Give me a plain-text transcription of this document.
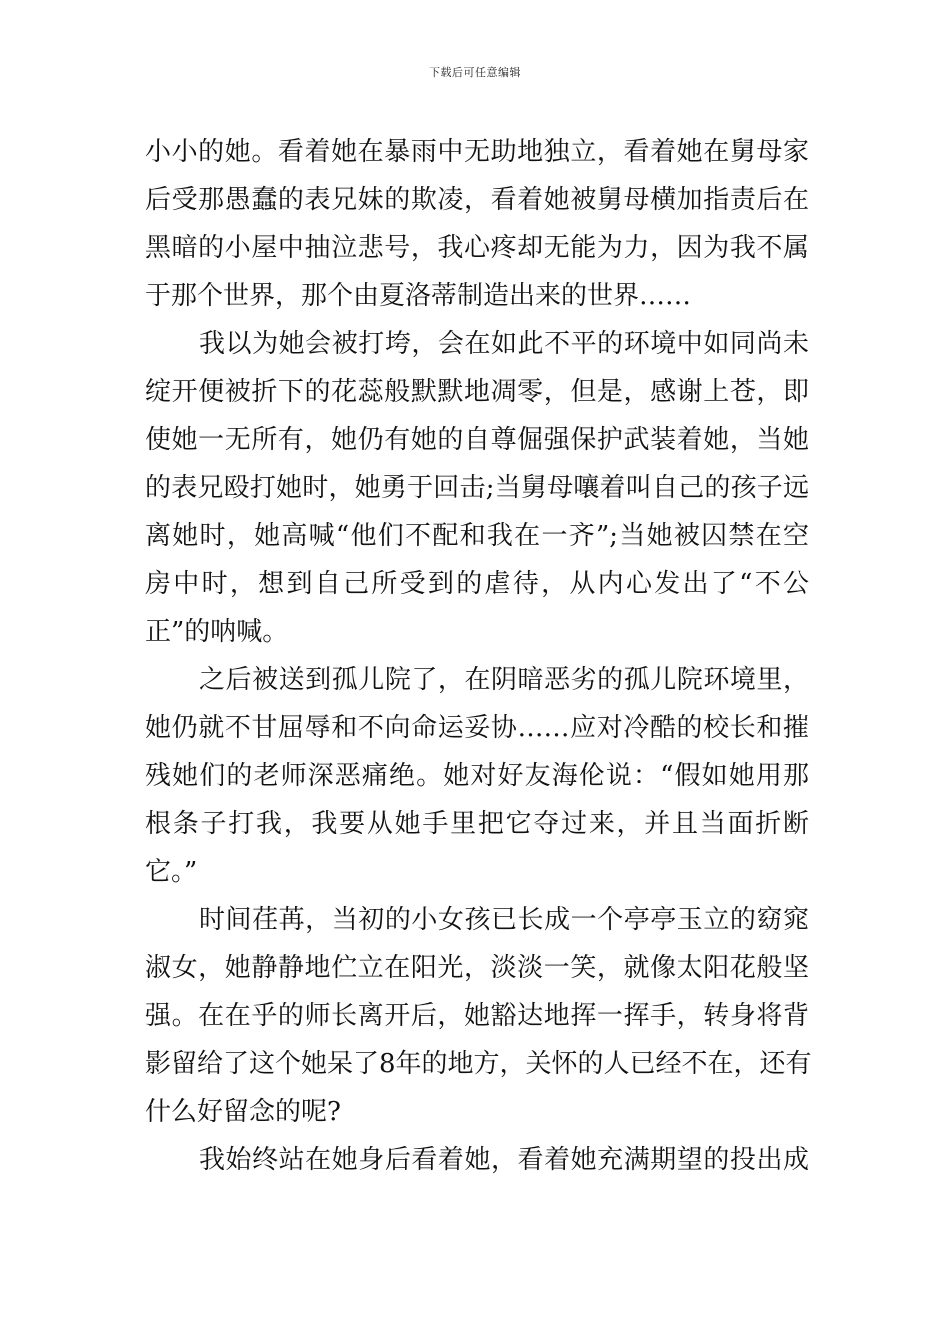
下载后可任意编辑
小小的她。看着她在暴雨中无助地独立，看着她在舅母家
后受那愚蠢的表兄妹的欺凌，看着她被舅母横加指责后在
黑暗的小屋中抽泣悲号，我心疼却无能为力，因为我不属
于那个世界，那个由夏洛蒂制造出来的世界……
我以为她会被打垮，会在如此不平的环境中如同尚未
绽开便被折下的花蕊般默默地凋零，但是，感谢上苍，即
使她一无所有，她仍有她的自尊倔强保护武装着她，当她
的表兄殴打她时，她勇于回击;当舅母嚷着叫自己的孩子远
离她时，她高喊“他们不配和我在一齐”;当她被囚禁在空
房中时，想到自己所受到的虐待，从内心发出了“不公
正”的呐喊。
之后被送到孤儿院了，在阴暗恶劣的孤儿院环境里，
她仍就不甘屈辱和不向命运妥协……应对冷酷的校长和摧
残她们的老师深恶痛绝。她对好友海伦说：“假如她用那
根条子打我，我要从她手里把它夺过来，并且当面折断
它。”
时间荏苒，当初的小女孩已长成一个亭亭玉立的窈窕
淑女，她静静地伫立在阳光，淡淡一笑，就像太阳花般坚
强。在在乎的师长离开后，她豁达地挥一挥手，转身将背
影留给了这个她呆了8年的地方，关怀的人已经不在，还有
什么好留念的呢?
我始终站在她身后看着她，看着她充满期望的投出成
